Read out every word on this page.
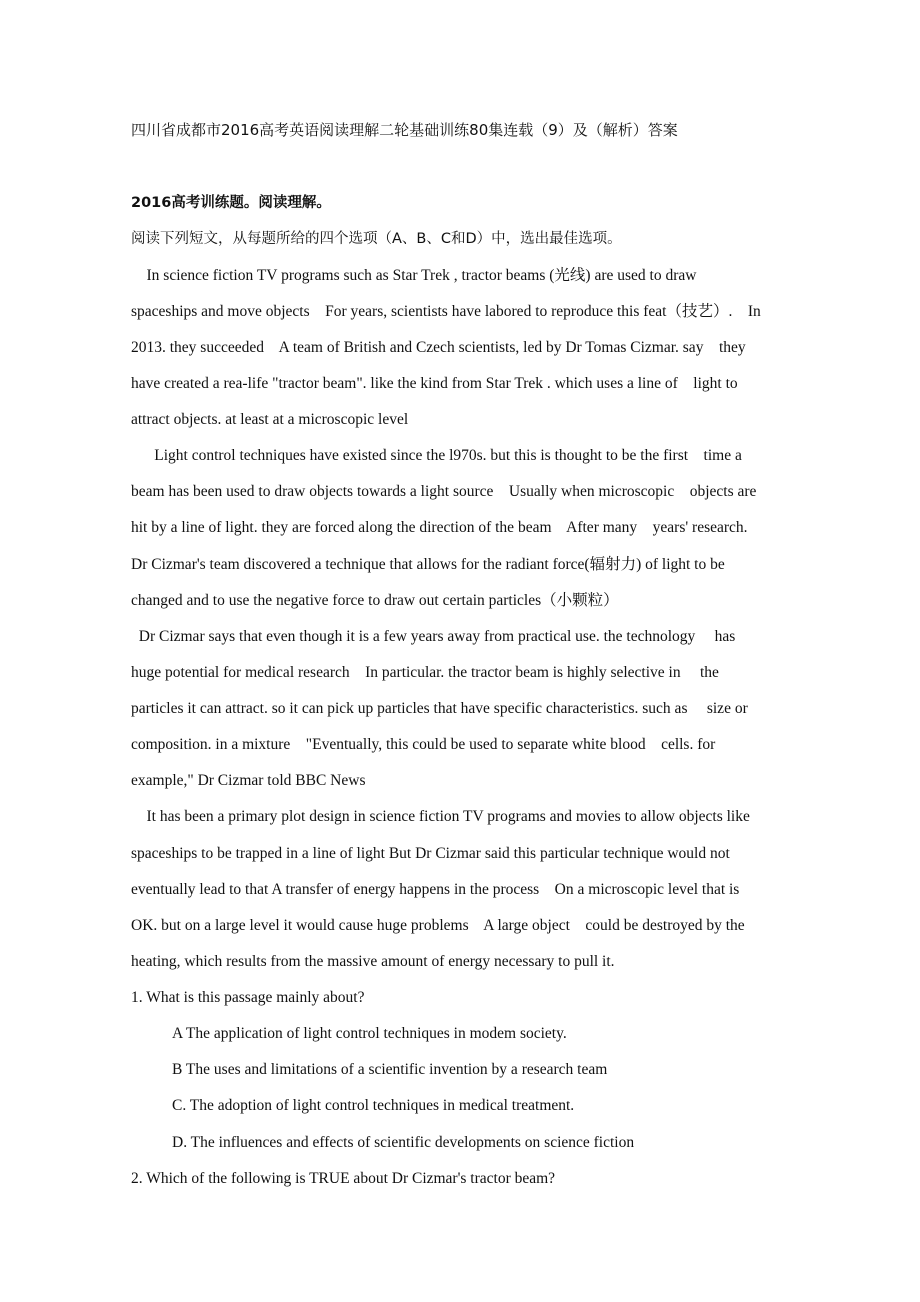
四川省成都市2016高考英语阅读理解二轮基础训练80集连载（9）及（解析）答案
2016高考训练题。阅读理解。
阅读下列短文，从每题所给的四个选项（A、B、C和D）中，选出最佳选项。
In science fiction TV programs such as Star Trek , tractor beams (光线) are used to draw
spaceships and move objects    For years, scientists have labored to reproduce this feat（技艺）.    In
2013. they succeeded    A team of British and Czech scientists, led by Dr Tomas Cizmar. say    they
have created a rea-life "tractor beam". like the kind from Star Trek . which uses a line of    light to
attract objects. at least at a microscopic level
Light control techniques have existed since the l970s. but this is thought to be the first    time a
beam has been used to draw objects towards a light source    Usually when microscopic    objects are
hit by a line of light. they are forced along the direction of the beam    After many    years' research.
Dr Cizmar's team discovered a technique that allows for the radiant force(辐射力) of light to be
changed and to use the negative force to draw out certain particles（小颗粒）
Dr Cizmar says that even though it is a few years away from practical use. the technology     has
huge potential for medical research    In particular. the tractor beam is highly selective in     the
particles it can attract. so it can pick up particles that have specific characteristics. such as     size or
composition. in a mixture    "Eventually, this could be used to separate white blood    cells. for
example," Dr Cizmar told BBC News
It has been a primary plot design in science fiction TV programs and movies to allow objects like
spaceships to be trapped in a line of light But Dr Cizmar said this particular technique would not
eventually lead to that A transfer of energy happens in the process    On a microscopic level that is
OK. but on a large level it would cause huge problems    A large object    could be destroyed by the
heating, which results from the massive amount of energy necessary to pull it.
1. What is this passage mainly about?
A The application of light control techniques in modem society.
B The uses and limitations of a scientific invention by a research team
C. The adoption of light control techniques in medical treatment.
D. The influences and effects of scientific developments on science fiction
2. Which of the following is TRUE about Dr Cizmar's tractor beam?
